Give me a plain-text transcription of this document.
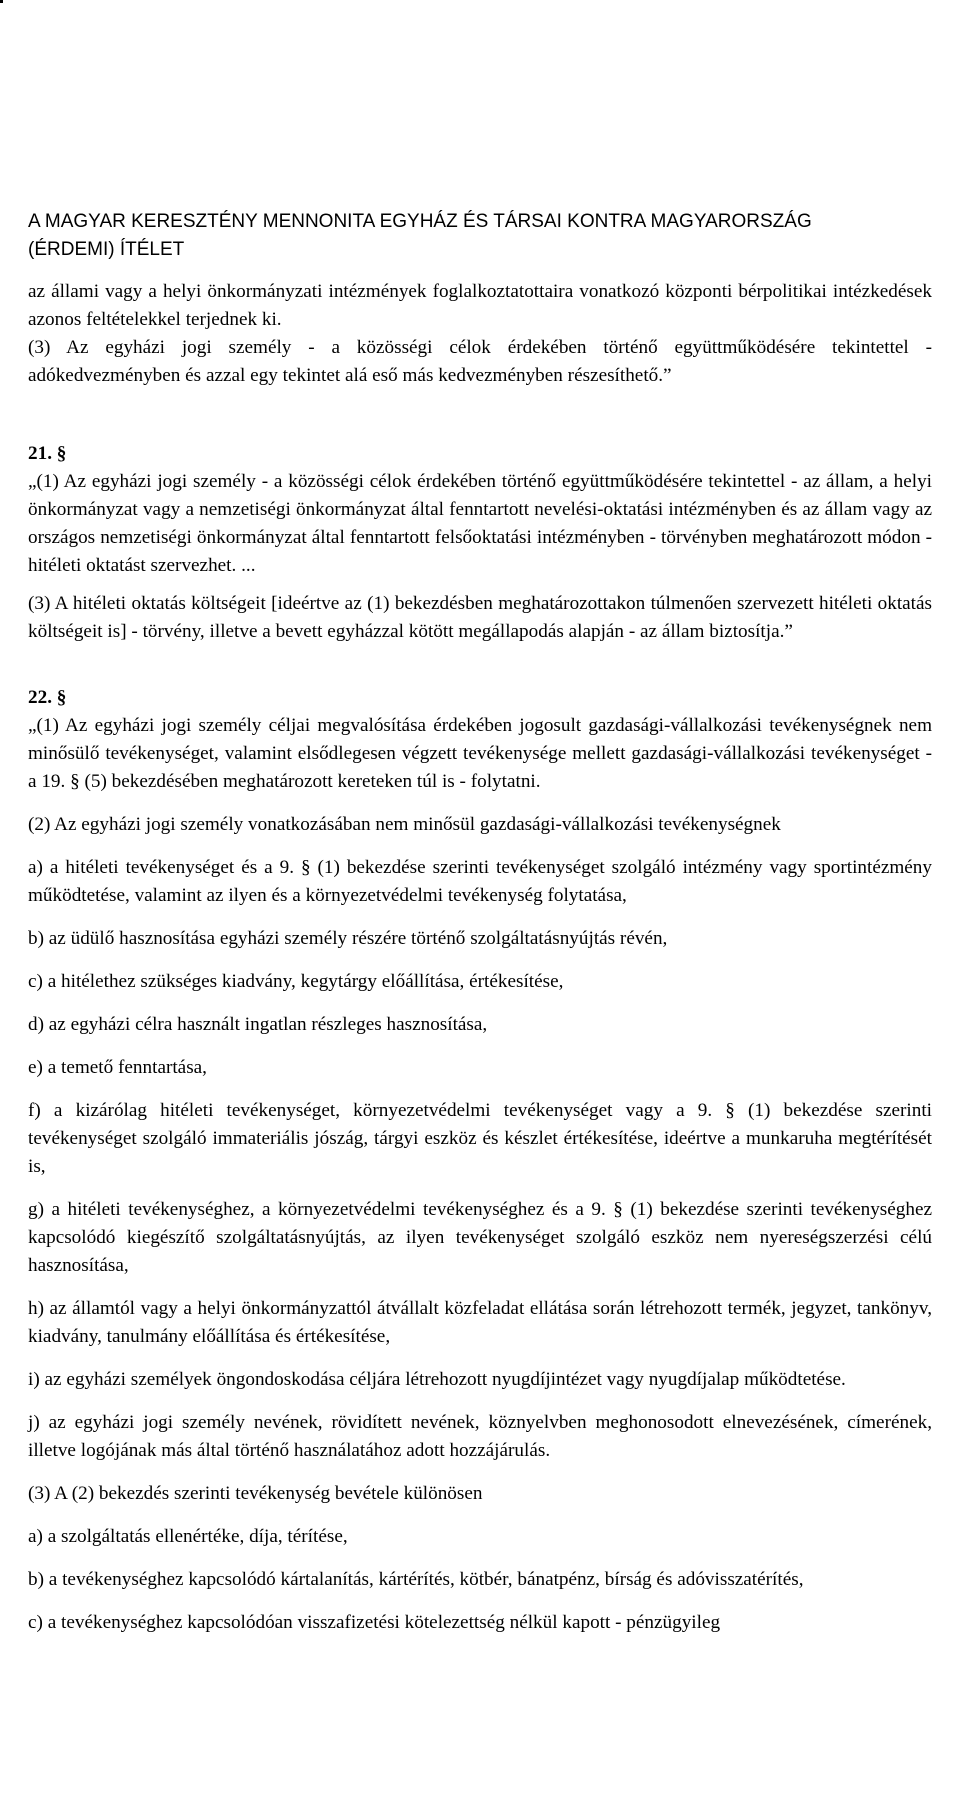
A MAGYAR KERESZTÉNY MENNONITA EGYHÁZ ÉS TÁRSAI KONTRA MAGYARORSZÁG
(ÉRDEMI) ÍTÉLET

az állami vagy a helyi önkormányzati intézmények foglalkoztatottaira vonatkozó központi bérpolitikai intézkedések azonos feltételekkel terjednek ki.

(3) Az egyházi jogi személy - a közösségi célok érdekében történő együttműködésére tekintettel - adókedvezményben és azzal egy tekintet alá eső más kedvezményben részesíthető.”

21. §

„(1) Az egyházi jogi személy - a közösségi célok érdekében történő együttműködésére tekintettel - az állam, a helyi önkormányzat vagy a nemzetiségi önkormányzat által fenntartott nevelési-oktatási intézményben és az állam vagy az országos nemzetiségi önkormányzat által fenntartott felsőoktatási intézményben - törvényben meghatározott módon - hitéleti oktatást szervezhet. ...

(3) A hitéleti oktatás költségeit [ideértve az (1) bekezdésben meghatározottakon túlmenően szervezett hitéleti oktatás költségeit is] - törvény, illetve a bevett egyházzal kötött megállapodás alapján - az állam biztosítja.”

22. §

„(1) Az egyházi jogi személy céljai megvalósítása érdekében jogosult gazdasági-vállalkozási tevékenységnek nem minősülő tevékenységet, valamint elsődlegesen végzett tevékenysége mellett gazdasági-vállalkozási tevékenységet - a 19. § (5) bekezdésében meghatározott kereteken túl is - folytatni.

(2) Az egyházi jogi személy vonatkozásában nem minősül gazdasági-vállalkozási tevékenységnek

a) a hitéleti tevékenységet és a 9. § (1) bekezdése szerinti tevékenységet szolgáló intézmény vagy sportintézmény működtetése, valamint az ilyen és a környezetvédelmi tevékenység folytatása,

b) az üdülő hasznosítása egyházi személy részére történő szolgáltatásnyújtás révén,

c) a hitélethez szükséges kiadvány, kegytárgy előállítása, értékesítése,

d) az egyházi célra használt ingatlan részleges hasznosítása,

e) a temető fenntartása,

f) a kizárólag hitéleti tevékenységet, környezetvédelmi tevékenységet vagy a 9. § (1) bekezdése szerinti tevékenységet szolgáló immateriális jószág, tárgyi eszköz és készlet értékesítése, ideértve a munkaruha megtérítését is,

g) a hitéleti tevékenységhez, a környezetvédelmi tevékenységhez és a 9. § (1) bekezdése szerinti tevékenységhez kapcsolódó kiegészítő szolgáltatásnyújtás, az ilyen tevékenységet szolgáló eszköz nem nyereségszerzési célú hasznosítása,

h) az államtól vagy a helyi önkormányzattól átvállalt közfeladat ellátása során létrehozott termék, jegyzet, tankönyv, kiadvány, tanulmány előállítása és értékesítése,

i) az egyházi személyek öngondoskodása céljára létrehozott nyugdíjintézet vagy nyugdíjalap működtetése.

j) az egyházi jogi személy nevének, rövidített nevének, köznyelvben meghonosodott elnevezésének, címerének, illetve logójának más által történő használatához adott hozzájárulás.

(3) A (2) bekezdés szerinti tevékenység bevétele különösen

a) a szolgáltatás ellenértéke, díja, térítése,

b) a tevékenységhez kapcsolódó kártalanítás, kártérítés, kötbér, bánatpénz, bírság és adóvisszatérítés,

c) a tevékenységhez kapcsolódóan visszafizetési kötelezettség nélkül kapott - pénzügyileg
